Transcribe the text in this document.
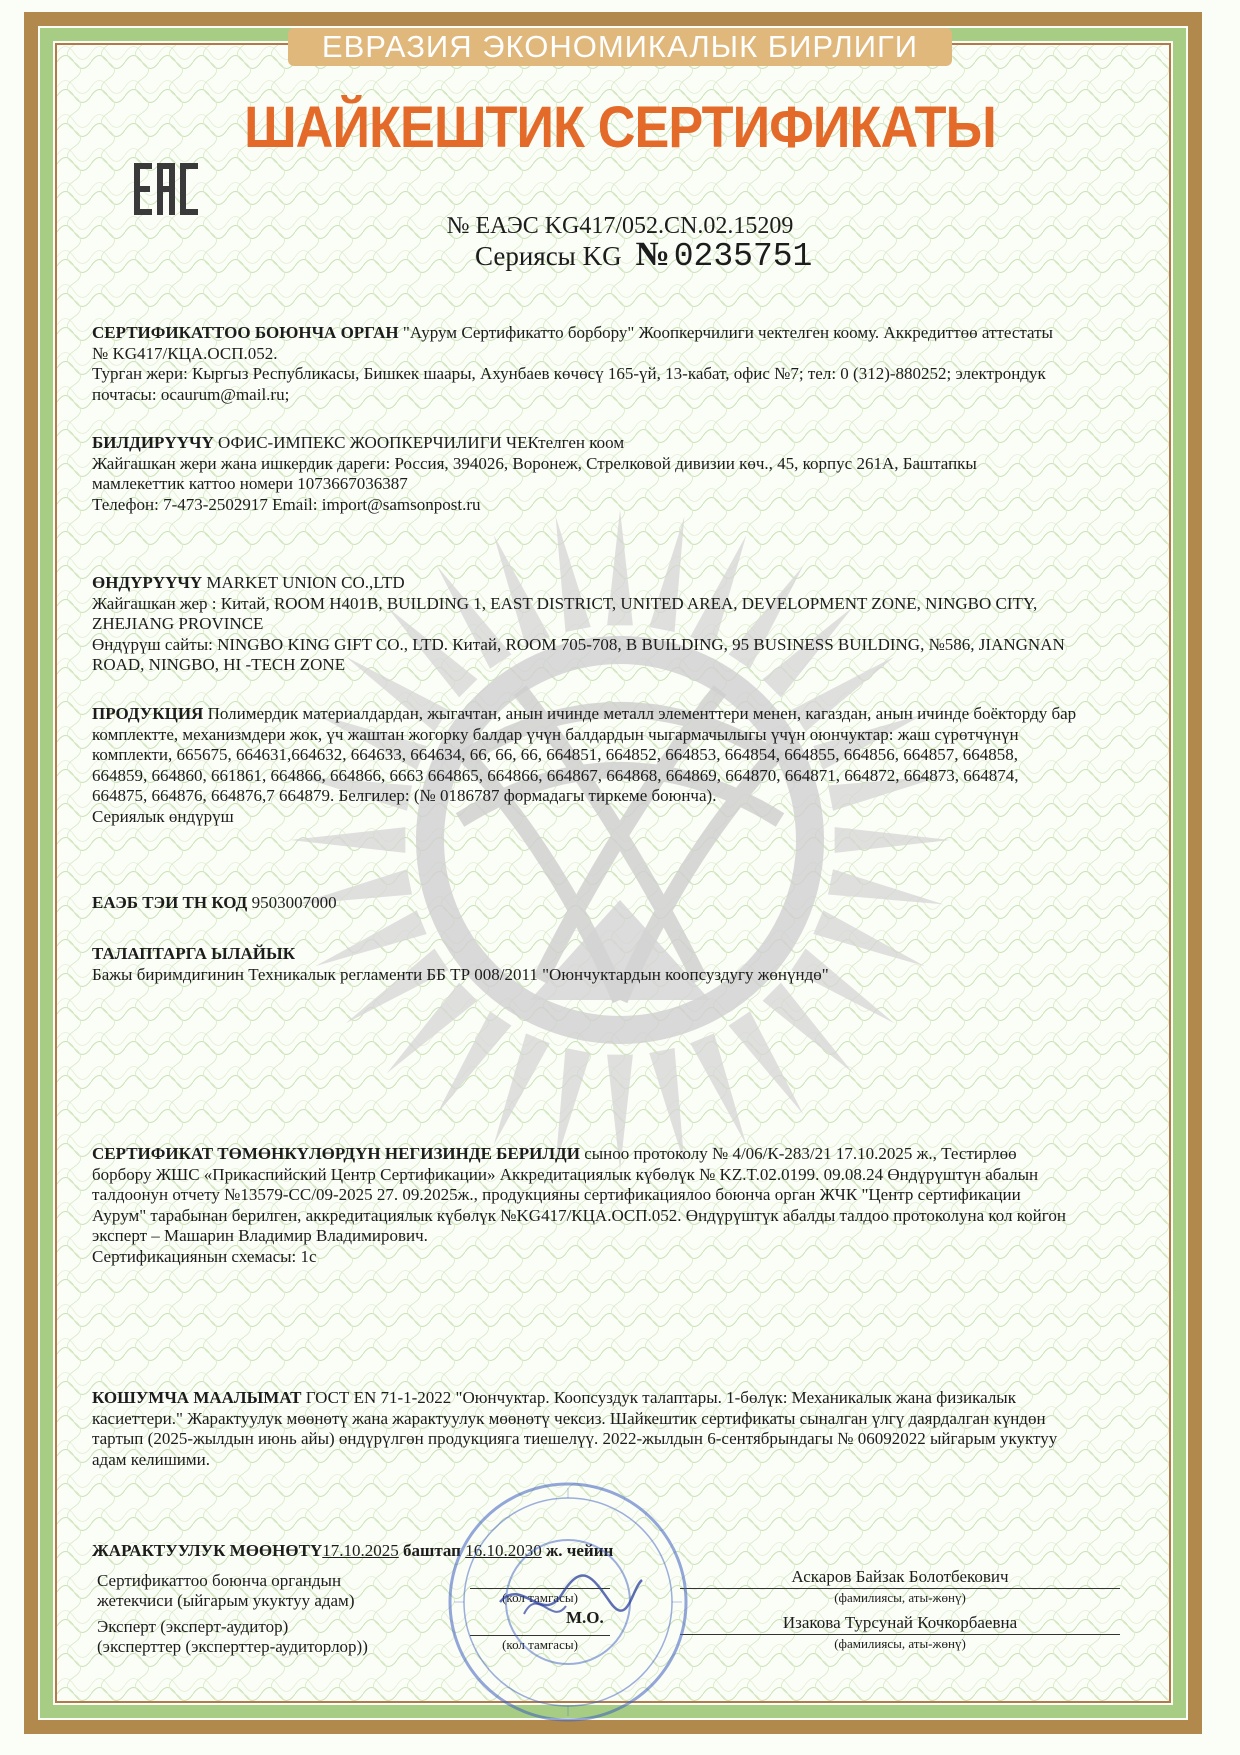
ЕВРАЗИЯ ЭКОНОМИКАЛЫК БИРЛИГИ
ШАЙКЕШТИК СЕРТИФИКАТЫ
№ ЕАЭС KG417/052.CN.02.15209
Сериясы KG № 0235751
СЕРТИФИКАТТОО БОЮНЧА ОРГАН "Аурум Сертификатто борбору" Жоопкерчилиги чектелген коому. Аккредиттөө аттестаты
№ KG417/КЦА.ОСП.052.
Турган жери: Кыргыз Республикасы, Бишкек шаары, Ахунбаев көчөсү 165-үй, 13-кабат, офис №7; тел: 0 (312)-880252; электрондук
почтасы: ocaurum@mail.ru;
БИЛДИРҮҮЧҮ ОФИС-ИМПЕКС ЖООПКЕРЧИЛИГИ ЧЕКтелген коом
Жайгашкан жери жана ишкердик дареги: Россия, 394026, Воронеж, Стрелковой дивизии көч., 45, корпус 261А, Баштапкы
мамлекеттик каттоо номери 1073667036387
Телефон: 7-473-2502917 Email: import@samsonpost.ru
ӨНДҮРҮҮЧҮ MARKET UNION CO.,LTD
Жайгашкан жер : Китай, ROOM H401B, BUILDING 1, EAST DISTRICT, UNITED AREA, DEVELOPMENT ZONE, NINGBO CITY,
ZHEJIANG PROVINCE
Өндүрүш сайты: NINGBO KING GIFT CO., LTD. Китай, ROOM 705-708, B BUILDING, 95 BUSINESS BUILDING, №586, JIANGNAN
ROAD, NINGBO, HI -TECH ZONE
ПРОДУКЦИЯ Полимердик материалдардан, жыгачтан, анын ичинде металл элементтери менен, кагаздан, анын ичинде боёкторду бар
комплектте, механизмдери жок, үч жаштан жогорку балдар үчүн балдардын чыгармачылыгы үчүн оюнчуктар: жаш сүрөтчүнүн
комплекти, 665675, 664631,664632, 664633, 664634, 66, 66, 66, 664851, 664852, 664853, 664854, 664855, 664856, 664857, 664858,
664859, 664860, 661861, 664866, 664866, 6663 664865, 664866, 664867, 664868, 664869, 664870, 664871, 664872, 664873, 664874,
664875, 664876, 664876,7 664879. Белгилер: (№ 0186787 формадагы тиркеме боюнча).
Сериялык өндүрүш
ЕАЭБ ТЭИ ТН КОД 9503007000
ТАЛАПТАРГА ЫЛАЙЫК
Бажы биримдигинин Техникалык регламенти ББ ТР 008/2011 "Оюнчуктардын коопсуздугу жөнүндө"
СЕРТИФИКАТ ТӨМӨНКҮЛӨРДҮН НЕГИЗИНДЕ БЕРИЛДИ сыноо протоколу № 4/06/К-283/21 17.10.2025 ж., Тестирлөө
борбору ЖШС «Прикаспийский Центр Сертификации» Аккредитациялык күбөлүк № KZ.T.02.0199. 09.08.24 Өндүрүштүн абалын
талдоонун отчету №13579-СС/09-2025 27. 09.2025ж., продукцияны сертификациялоо боюнча орган ЖЧК "Центр сертификации
Аурум" тарабынан берилген, аккредитациялык күбөлүк №KG417/КЦА.ОСП.052. Өндүрүштүк абалды талдоо протоколуна кол койгон
эксперт – Машарин Владимир Владимирович.
Сертификациянын схемасы: 1с
КОШУМЧА МААЛЫМАТ ГОСТ EN 71-1-2022 "Оюнчуктар. Коопсуздук талаптары. 1-бөлүк: Механикалык жана физикалык
касиеттери." Жарактуулук мөөнөтү жана жарактуулук мөөнөтү чексиз. Шайкештик сертификаты сыналган үлгү даярдалган күндөн
тартып (2025-жылдын июнь айы) өндүрүлгөн продукцияга тиешелүү. 2022-жылдын 6-сентябрындагы № 06092022 ыйгарым укуктуу
адам келишими.
ЖАРАКТУУЛУК МӨӨНӨТҮ17.10.2025 баштап 16.10.2030 ж. чейин
Сертификаттоо боюнча органдын
жетекчиси (ыйгарым укуктуу адам)
Эксперт (эксперт-аудитор)
(эксперттер (эксперттер-аудиторлор))
(кол тамгасы)
М.О.
(кол тамгасы)
Аскаров Байзак Болотбекович
(фамилиясы, аты-жөнү)
Изакова Турсунай Кочкорбаевна
(фамилиясы, аты-жөнү)
